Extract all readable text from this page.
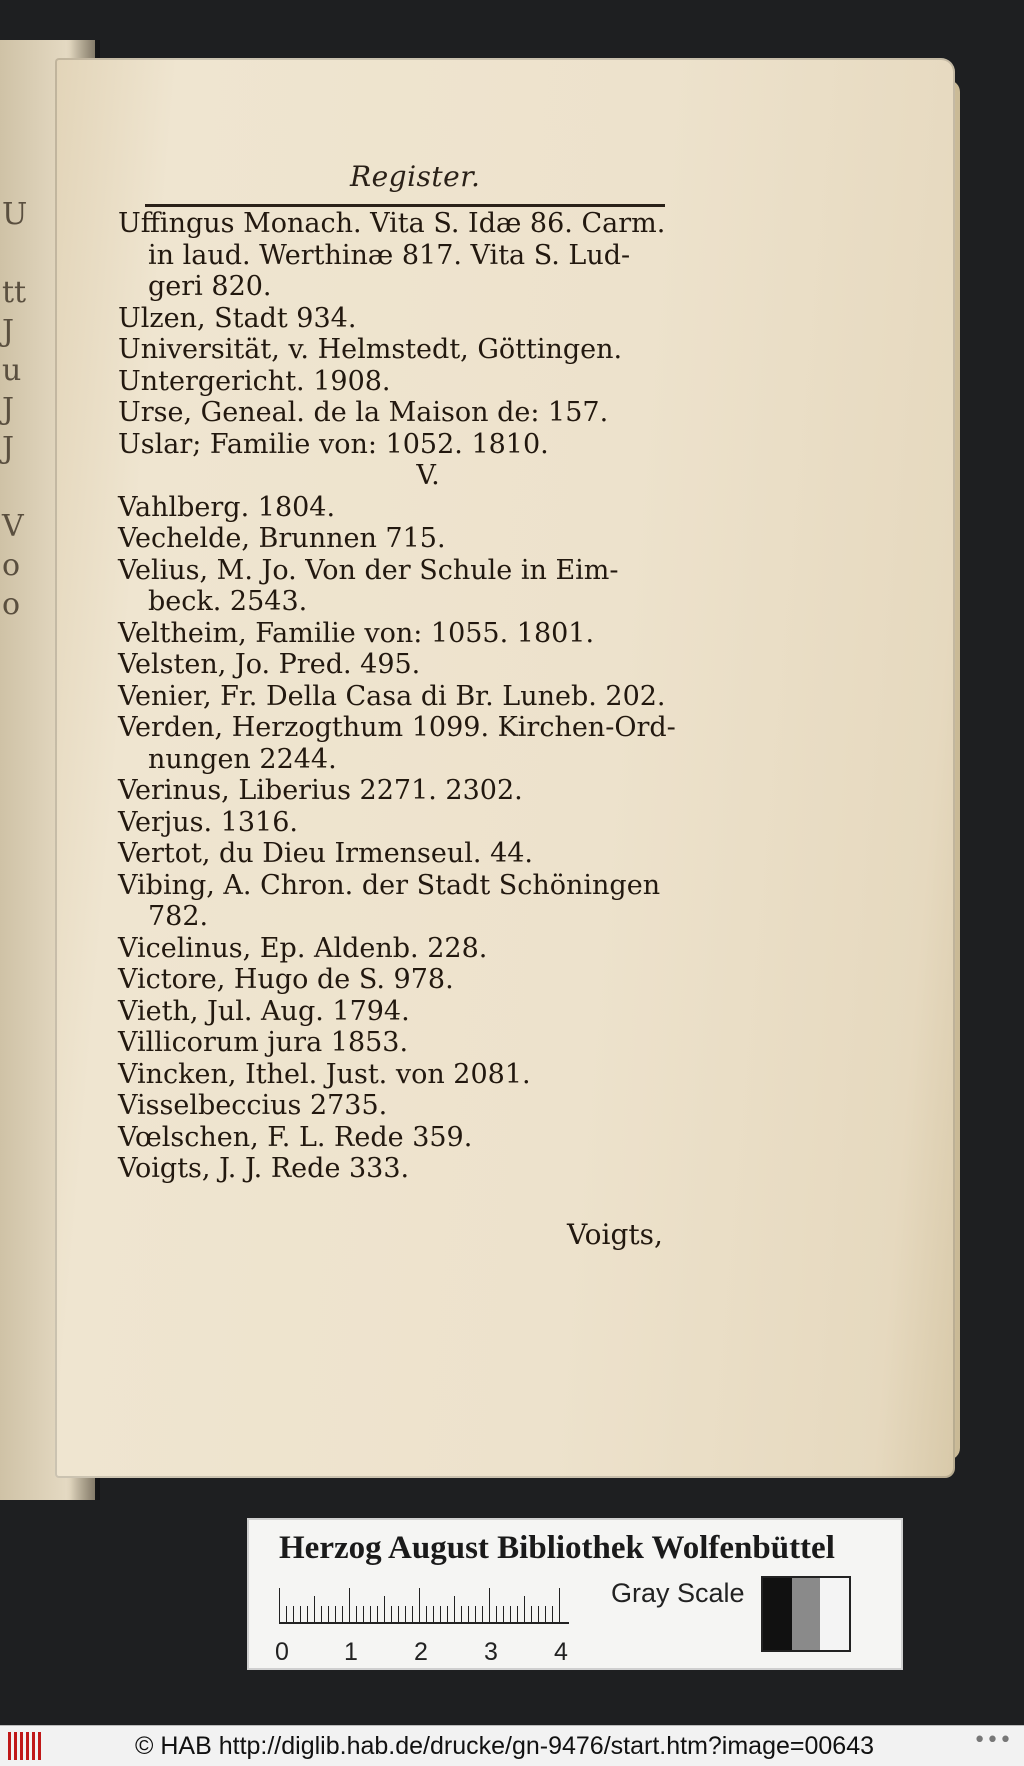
U
tt
J
u
J
J
V
o
o
Register.
Uffingus Monach. Vita S. Idæ 86. Carm.
in laud. Werthinæ 817. Vita S. Lud-
geri 820.
Ulzen, Stadt 934.
Universität, v. Helmstedt, Göttingen.
Untergericht. 1908.
Urse, Geneal. de la Maison de: 157.
Uslar; Familie von: 1052. 1810.
V.
Vahlberg. 1804.
Vechelde, Brunnen 715.
Velius, M. Jo. Von der Schule in Eim-
beck. 2543.
Veltheim, Familie von: 1055. 1801.
Velsten, Jo. Pred. 495.
Venier, Fr. Della Casa di Br. Luneb. 202.
Verden, Herzogthum 1099. Kirchen-Ord-
nungen 2244.
Verinus, Liberius 2271. 2302.
Verjus. 1316.
Vertot, du Dieu Irmenseul. 44.
Vibing, A. Chron. der Stadt Schöningen
782.
Vicelinus, Ep. Aldenb. 228.
Victore, Hugo de S. 978.
Vieth, Jul. Aug. 1794.
Villicorum jura 1853.
Vincken, Ithel. Just. von 2081.
Visselbeccius 2735.
Vœlschen, F. L. Rede 359.
Voigts, J. J. Rede 333.
Voigts,
Herzog August Bibliothek Wolfenbüttel
0 1 2 3 4
Gray Scale
© HAB http://diglib.hab.de/drucke/gn-9476/start.htm?image=00643	•••
